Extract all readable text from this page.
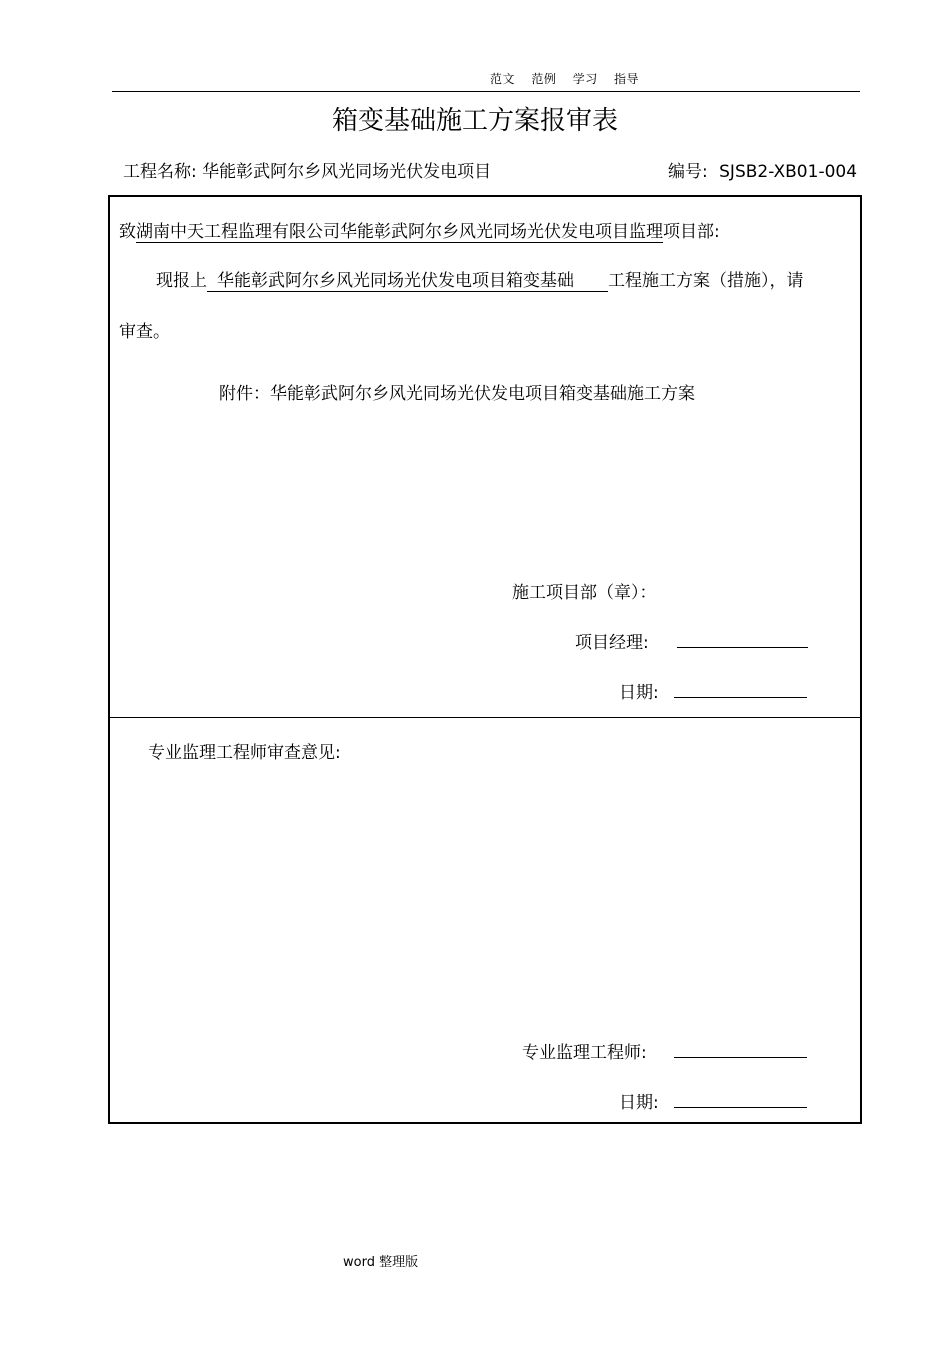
范文 范例 学习 指导
箱变基础施工方案报审表
工程名称: 华能彰武阿尔乡风光同场光伏发电项目	编号: SJSB2-XB01-004
致湖南中天工程监理有限公司华能彰武阿尔乡风光同场光伏发电项目监理项目部:
现报上 华能彰武阿尔乡风光同场光伏发电项目箱变基础 工程施工方案（措施），请
审查。
附件：华能彰武阿尔乡风光同场光伏发电项目箱变基础施工方案
施工项目部（章）：
项目经理:
日期:
专业监理工程师审查意见:
专业监理工程师:
日期:
word 整理版
